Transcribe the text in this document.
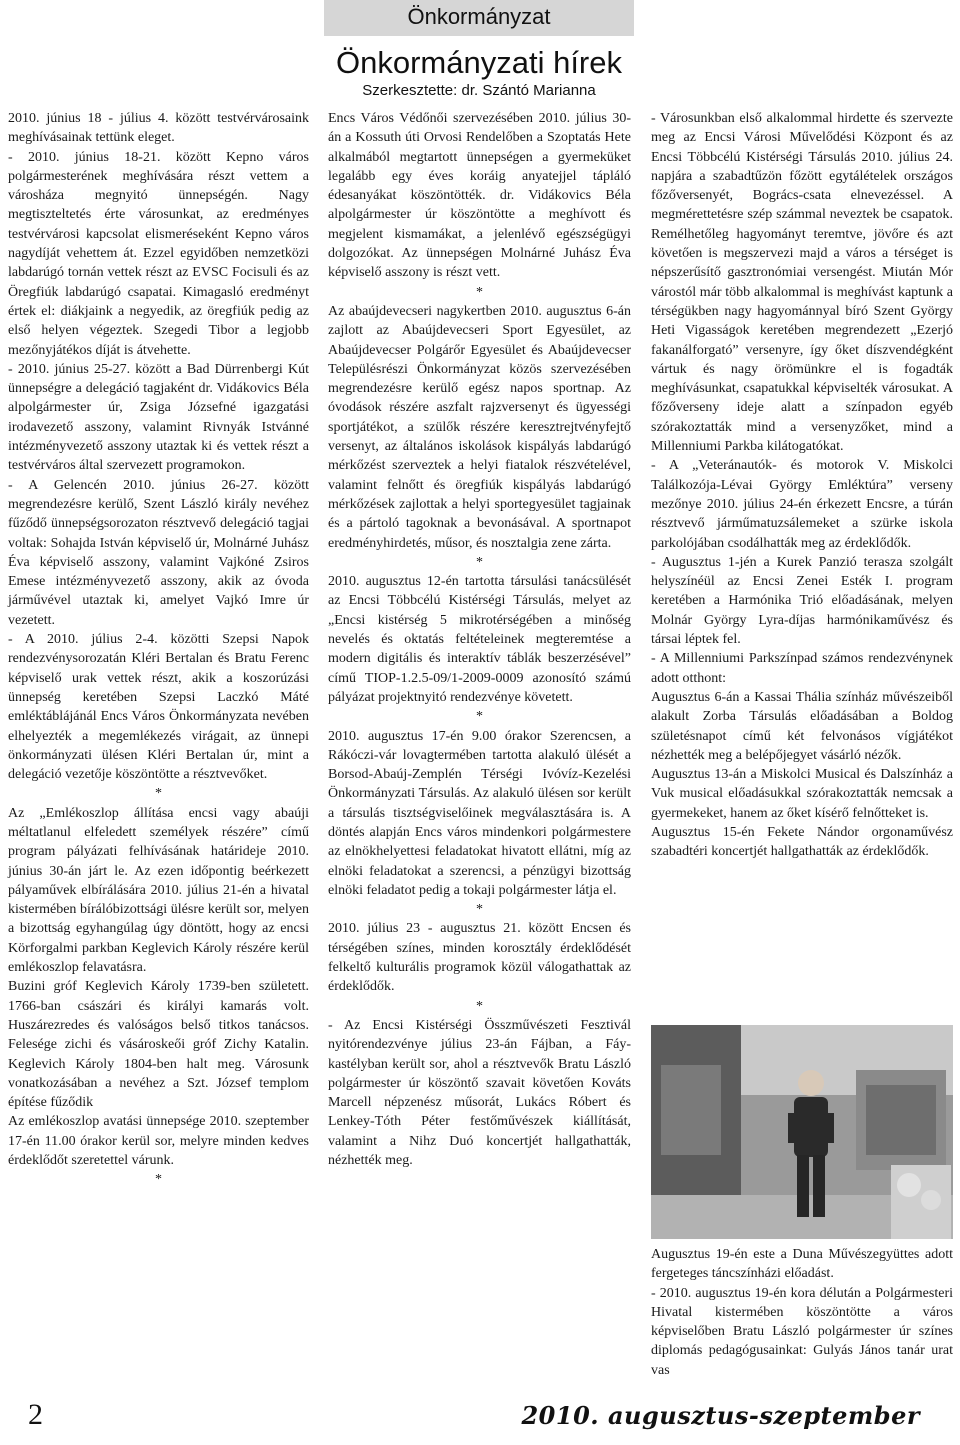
Önkormányzat
Önkormányzati hírek
Szerkesztette: dr. Szántó Marianna

2010. június 18 - július 4. között testvérvárosaink meghívásainak tettünk eleget.

- 2010. június 18-21. között Kepno város polgármesterének meghívására részt vettem a városháza megnyitó ünnepségén. Nagy megtiszteltetés érte városunkat, az eredményes testvérvárosi kapcsolat elismeréseként Kepno város nagydíját vehettem át. Ezzel egyidőben nemzetközi labdarúgó tornán vettek részt az EVSC Focisuli és az Öregfiúk labdarúgó csapatai. Kimagasló eredményt értek el: diákjaink a negyedik, az öregfiúk pedig az első helyen végeztek. Szegedi Tibor a legjobb mezőnyjátékos díját is átvehette.

- 2010. június 25-27. között a Bad Dürrenbergi Kút ünnepségre a delegáció tagjaként dr. Vidákovics Béla alpolgármester úr, Zsiga Józsefné igazgatási irodavezető asszony, valamint Rivnyák Istvánné intézményvezető asszony utaztak ki és vettek részt a testvérváros által szervezett programokon.

- A Gelencén 2010. június 26-27. között megrendezésre kerülő, Szent László király nevéhez fűződő ünnepségsorozaton résztvevő delegáció tagjai voltak: Sohajda István képviselő úr, Molnárné Juhász Éva képviselő asszony, valamint Vajkóné Zsiros Emese intézményvezető asszony, akik az óvoda járművével utaztak ki, amelyet Vajkó Imre úr vezetett.

- A 2010. július 2-4. közötti Szepsi Napok rendezvénysorozatán Kléri Bertalan és Bratu Ferenc képviselő urak vettek részt, akik a koszorúzási ünnepség keretében Szepsi Laczkó Máté emléktáblájánál Encs Város Önkormányzata nevében elhelyezték a megemlékezés virágait, az ünnepi önkormányzati ülésen Kléri Bertalan úr, mint a delegáció vezetője köszöntötte a résztvevőket.

*

Az „Emlékoszlop állítása encsi vagy abaúji méltatlanul elfeledett személyek részére” című program pályázati felhívásának határideje 2010. június 30-án járt le. Az ezen időpontig beérkezett pályaművek elbírálására 2010. július 21-én a hivatal kistermében bírálóbizottsági ülésre került sor, melyen a bizottság egyhangúlag úgy döntött, hogy az encsi Körforgalmi parkban Keglevich Károly részére kerül emlékoszlop felavatásra.

Buzini gróf Keglevich Károly 1739-ben született. 1766-ban császári és királyi kamarás volt. Huszárezredes és valóságos belső titkos tanácsos. Felesége zichi és vásároskeői gróf Zichy Katalin. Keglevich Károly 1804-ben halt meg. Városunk vonatkozásában a nevéhez a Szt. József templom építése fűződik

Az emlékoszlop avatási ünnepsége 2010. szeptember 17-én 11.00 órakor kerül sor, melyre minden kedves érdeklődőt szeretettel várunk.

*

Encs Város Védőnői szervezésében 2010. július 30-án a Kossuth úti Orvosi Rendelőben a Szoptatás Hete alkalmából megtartott ünnepségen a gyermeküket legalább egy éves koráig anyatejjel tápláló édesanyákat köszöntötték. dr. Vidákovics Béla alpolgármester úr köszöntötte a meghívott és megjelent kismamákat, a jelenlévő egészségügyi dolgozókat. Az ünnepségen Molnárné Juhász Éva képviselő asszony is részt vett.

*

Az abaújdevecseri nagykertben 2010. augusztus 6-án zajlott az Abaújdevecseri Sport Egyesület, az Abaújdevecser Polgárőr Egyesület és Abaújdevecser Településrészi Önkormányzat közös szervezésében megrendezésre kerülő egész napos sportnap. Az óvodások részére aszfalt rajzversenyt és ügyességi sportjátékot, a szülők részére keresztrejtvényfejtő versenyt, az általános iskolások kispályás labdarúgó mérkőzést szerveztek a helyi fiatalok részvételével, valamint felnőtt és öregfiúk kispályás labdarúgó mérkőzések zajlottak a helyi sportegyesület tagjainak és a pártoló tagoknak a bevonásával. A sportnapot eredményhirdetés, műsor, és nosztalgia zene zárta.

*

2010. augusztus 12-én tartotta társulási tanácsülését az Encsi Többcélú Kistérségi Társulás, melyet az „Encsi kistérség 5 mikrotérségében a minőség nevelés és oktatás feltételeinek megteremtése a modern digitális és interaktív táblák beszerzésével” című TIOP-1.2.5-09/1-2009-0009 azonosító számú pályázat projektnyitó rendezvénye követett.

*

2010. augusztus 17-én 9.00 órakor Szerencsen, a Rákóczi-vár lovagtermében tartotta alakuló ülését a Borsod-Abaúj-Zemplén Térségi Ivóvíz-Kezelési Önkormányzati Társulás. Az alakuló ülésen sor került a társulás tisztségviselőinek megválasztására is. A döntés alapján Encs város mindenkori polgármestere az elnökhelyettesi feladatokat hivatott ellátni, míg az elnöki feladatokat a szerencsi, a pénzügyi bizottság elnöki feladatot pedig a tokaji polgármester látja el.

*

2010. július 23 - augusztus 21. között Encsen és térségében színes, minden korosztály érdeklődését felkeltő kulturális programok közül válogathattak az érdeklődők.

*

- Az Encsi Kistérségi Összművészeti Fesztivál nyitórendezvénye július 23-án Fájban, a Fáy-kastélyban került sor, ahol a résztvevők Bratu László polgármester úr köszöntő szavait követően Kováts Marcell népzenész műsorát, Lukács Róbert és Lenkey-Tóth Péter festőművészek kiállítását, valamint a Nihz Duó koncertjét hallgathatták, nézhették meg.

- Városunkban első alkalommal hirdette és szervezte meg az Encsi Városi Művelődési Központ és az Encsi Többcélú Kistérségi Társulás 2010. július 24. napjára a szabadtűzön főzött egytálételek országos főzőversenyét, Bogrács-csata elnevezéssel. A megmérettetésre szép számmal neveztek be csapatok. Remélhetőleg hagyományt teremtve, jövőre és azt követően is megszervezi majd a város a térséget is népszerűsítő gasztronómiai versengést. Miután Mór várostól már több alkalommal is meghívást kaptunk a térségükben nagy hagyománnyal bíró Szent György Heti Vigasságok keretében megrendezett „Ezerjó fakanálforgató” versenyre, így őket díszvendégként vártuk és nagy örömünkre el is fogadták meghívásunkat, csapatukkal képviselték városukat. A főzőverseny ideje alatt a színpadon egyéb szórakoztatták mind a versenyzőket, mind a Millenniumi Parkba kilátogatókat.

- A „Veteránautók- és motorok V. Miskolci Találkozója-Lévai György Emléktúra” verseny mezőnye 2010. július 24-én érkezett Encsre, a túrán résztvevő járműmatuzsálemeket a szürke iskola parkolójában csodálhatták meg az érdeklődők.

- Augusztus 1-jén a Kurek Panzió terasza szolgált helyszínéül az Encsi Zenei Esték I. program keretében a Harmónika Trió előadásának, melyen Molnár György Lyra-díjas harmónikaművész és társai léptek fel.

- A Millenniumi Parkszínpad számos rendezvénynek adott otthont:

Augusztus 6-án a Kassai Thália színház művészeiből alakult Zorba Társulás előadásában a Boldog születésnapot című két felvonásos vígjátékot nézhették meg a belépőjegyet vásárló nézők.

Augusztus 13-án a Miskolci Musical és Dalszínház a Vuk musical előadásukkal szórakoztatták nemcsak a gyermekeket, hanem az őket kísérő felnőtteket is.

Augusztus 15-én Fekete Nándor orgonaművész szabadtéri koncertjét hallgathatták az érdeklődők.

Augusztus 19-én este a Duna Művészegyüttes adott fergeteges táncszínházi előadást.

- 2010. augusztus 19-én kora délután a Polgármesteri Hivatal kistermében köszöntötte a város képviselőben Bratu László polgármester úr színes diplomás pedagógusainkat: Gulyás János tanár urat vas

2	2010. augusztus-szeptember
